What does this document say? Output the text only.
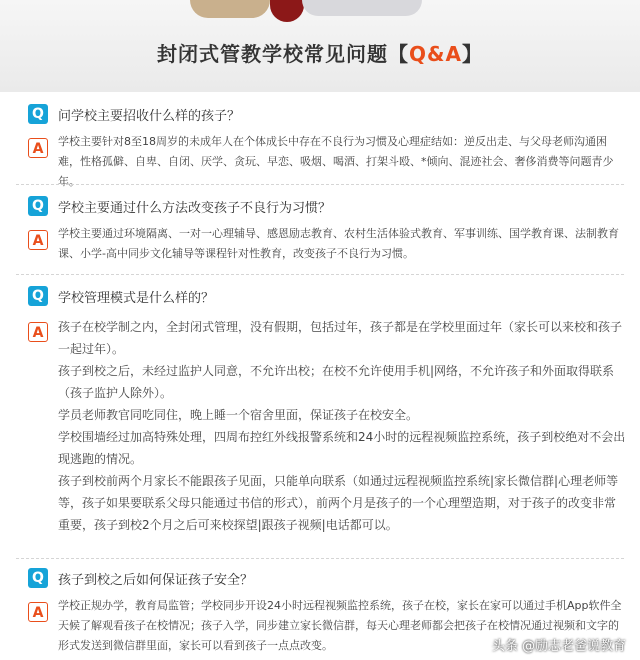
封闭式管教学校常见问题【Q&A】
Q	问学校主要招收什么样的孩子？
A	学校主要针对8至18周岁的未成年人在个体成长中存在不良行为习惯及心理症结如：逆反出走、与父母老师沟通困难，性格孤僻、自卑、自闭、厌学、贪玩、早恋、吸烟、喝酒、打架斗殴、*倾向、混迹社会、奢侈消费等问题青少年。

Q	学校主要通过什么方法改变孩子不良行为习惯？
A	学校主要通过环境隔离、一对一心理辅导、感恩励志教育、农村生活体验式教育、军事训练、国学教育课、法制教育课、小学-高中同步文化辅导等课程针对性教育，改变孩子不良行为习惯。

Q	学校管理模式是什么样的？
A	孩子在校学制之内，全封闭式管理，没有假期，包括过年，孩子都是在学校里面过年（家长可以来校和孩子一起过年）。

孩子到校之后，未经过监护人同意，不允许出校；在校不允许使用手机|网络，不允许孩子和外面取得联系（孩子监护人除外）。

学员老师教官同吃同住，晚上睡一个宿舍里面，保证孩子在校安全。

学校围墙经过加高特殊处理，四周布控红外线报警系统和24小时的远程视频监控系统，孩子到校绝对不会出现逃跑的情况。

孩子到校前两个月家长不能跟孩子见面，只能单向联系（如通过远程视频监控系统|家长微信群|心理老师等等，孩子如果要联系父母只能通过书信的形式），前两个月是孩子的一个心理塑造期，对于孩子的改变非常重要，孩子到校2个月之后可来校探望|跟孩子视频|电话都可以。

Q	孩子到校之后如何保证孩子安全？
A	学校正规办学，教育局监管；学校同步开设24小时远程视频监控系统，孩子在校，家长在家可以通过手机App软件全天候了解观看孩子在校情况；孩子入学，同步建立家长微信群，每天心理老师都会把孩子在校情况通过视频和文字的形式发送到微信群里面，家长可以看到孩子一点点改变。	头条 @励志老爸说教育
